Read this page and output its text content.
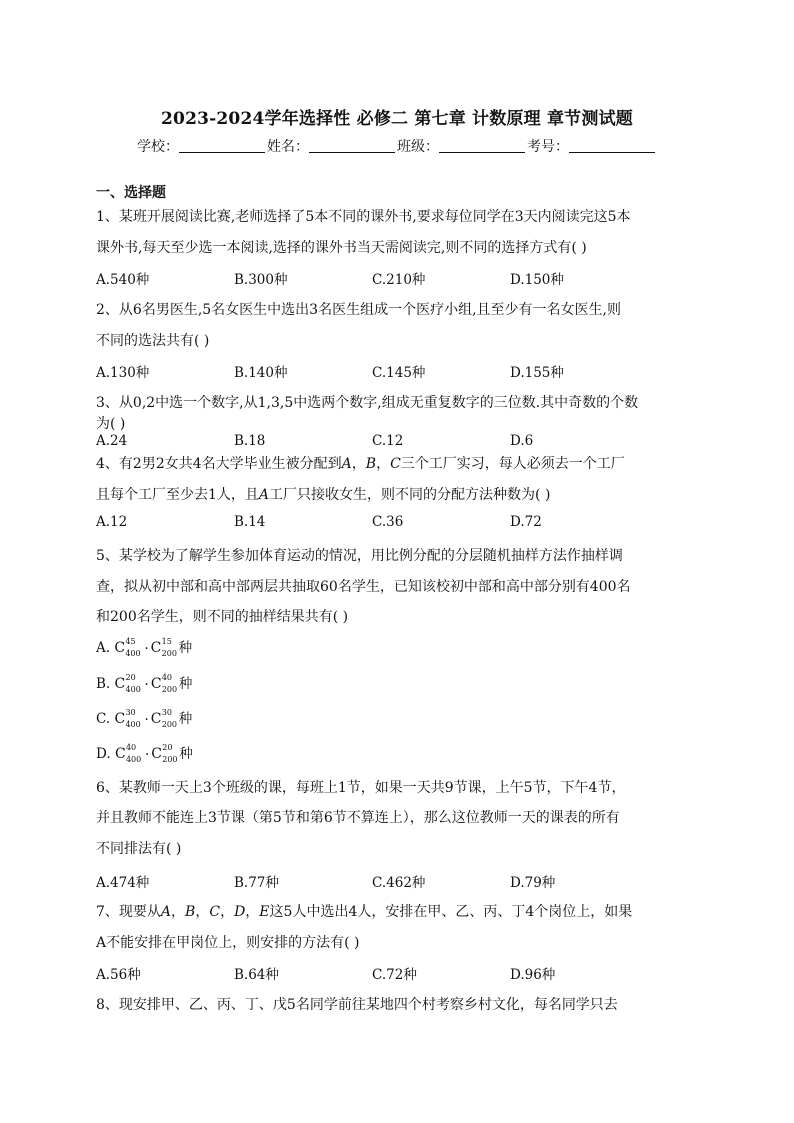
2023-2024学年选择性 必修二 第七章 计数原理 章节测试题
学校：	姓名：	班级：	考号：
一、选择题
1、某班开展阅读比赛,老师选择了5本不同的课外书,要求每位同学在3天内阅读完这5本
课外书,每天至少选一本阅读,选择的课外书当天需阅读完,则不同的选择方式有( )
A.540种	B.300种	C.210种	D.150种
2、从6名男医生,5名女医生中选出3名医生组成一个医疗小组,且至少有一名女医生,则
不同的选法共有( )
A.130种	B.140种	C.145种	D.155种
3、从0,2中选一个数字,从1,3,5中选两个数字,组成无重复数字的三位数.其中奇数的个数
为( )
A.24	B.18	C.12	D.6
4、有2男2女共4名大学毕业生被分配到A，B，C三个工厂实习，每人必须去一个工厂
且每个工厂至少去1人，且A工厂只接收女生，则不同的分配方法种数为( )
A.12	B.14	C.36	D.72
5、某学校为了解学生参加体育运动的情况，用比例分配的分层随机抽样方法作抽样调
查，拟从初中部和高中部两层共抽取60名学生，已知该校初中部和高中部分别有400名
和200名学生，则不同的抽样结果共有( )
A. C 45
400 · C 15
200 种
B. C 20
400 · C 40
200 种
C. C 30
400 · C 30
200 种
D. C 40
400 · C 20
200 种
6、某教师一天上3个班级的课，每班上1节，如果一天共9节课，上午5节，下午4节，
并且教师不能连上3节课（第5节和第6节不算连上），那么这位教师一天的课表的所有
不同排法有( )
A.474种	B.77种	C.462种	D.79种
7、现要从A，B，C，D，E这5人中选出4人，安排在甲、乙、丙、丁4个岗位上，如果
A不能安排在甲岗位上，则安排的方法有( )
A.56种	B.64种	C.72种	D.96种
8、现安排甲、乙、丙、丁、戊5名同学前往某地四个村考察乡村文化，每名同学只去
